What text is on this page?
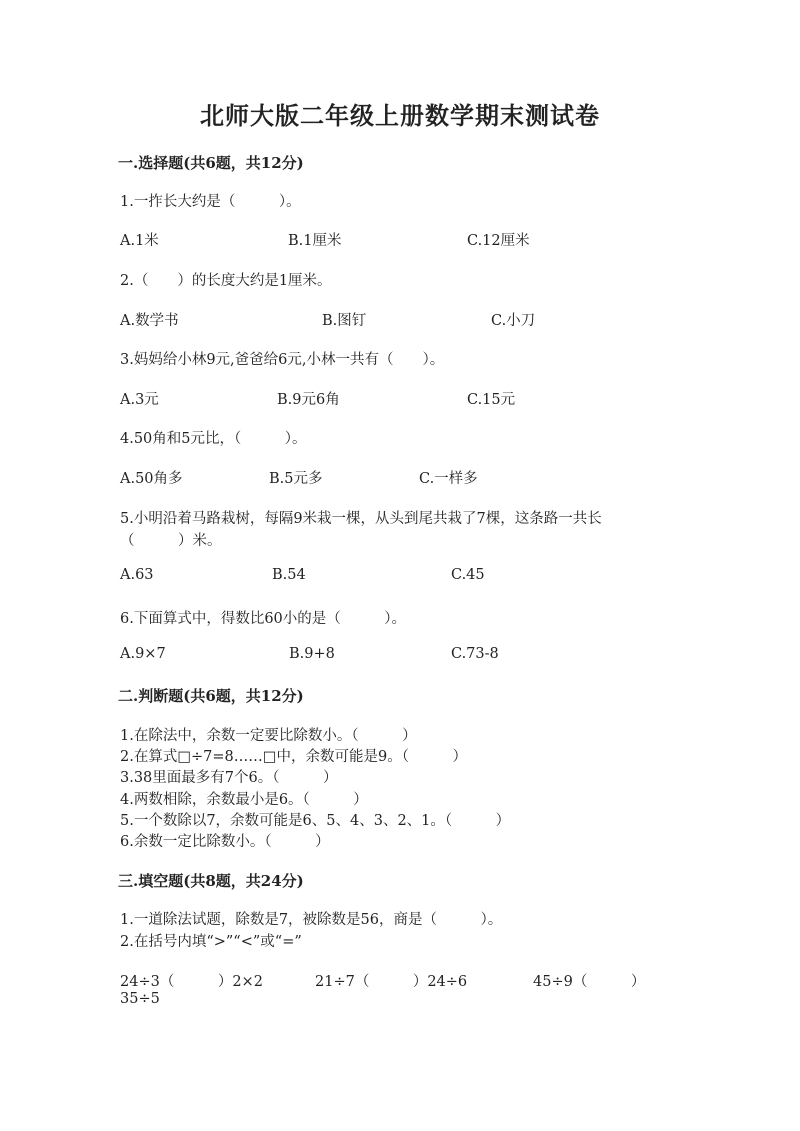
北师大版二年级上册数学期末测试卷
一.选择题(共6题，共12分)
1.一拃长大约是（　　　）。
A.1米	B.1厘米	C.12厘米
2.（　　）的长度大约是1厘米。
A.数学书	B.图钉	C.小刀
3.妈妈给小林9元,爸爸给6元,小林一共有（　　）。
A.3元	B.9元6角	C.15元
4.50角和5元比，（　　　）。
A.50角多	B.5元多	C.一样多
5.小明沿着马路栽树，每隔9米栽一棵，从头到尾共栽了7棵，这条路一共长
（　　　）米。
A.63	B.54	C.45
6.下面算式中，得数比60小的是（　　　）。
A.9×7	B.9+8	C.73-8
二.判断题(共6题，共12分)
1.在除法中，余数一定要比除数小。（　　　）
2.在算式□÷7=8……□中，余数可能是9。（　　　）
3.38里面最多有7个6。（　　　）
4.两数相除，余数最小是6。（　　　）
5.一个数除以7，余数可能是6、5、4、3、2、1。（　　　）
6.余数一定比除数小。（　　　）
三.填空题(共8题，共24分)
1.一道除法试题，除数是7，被除数是56，商是（　　　）。
2.在括号内填“>”“<”或“=”
24÷3（　　　）2×2	21÷7（　　　）24÷6	45÷9（　　　）
35÷5
